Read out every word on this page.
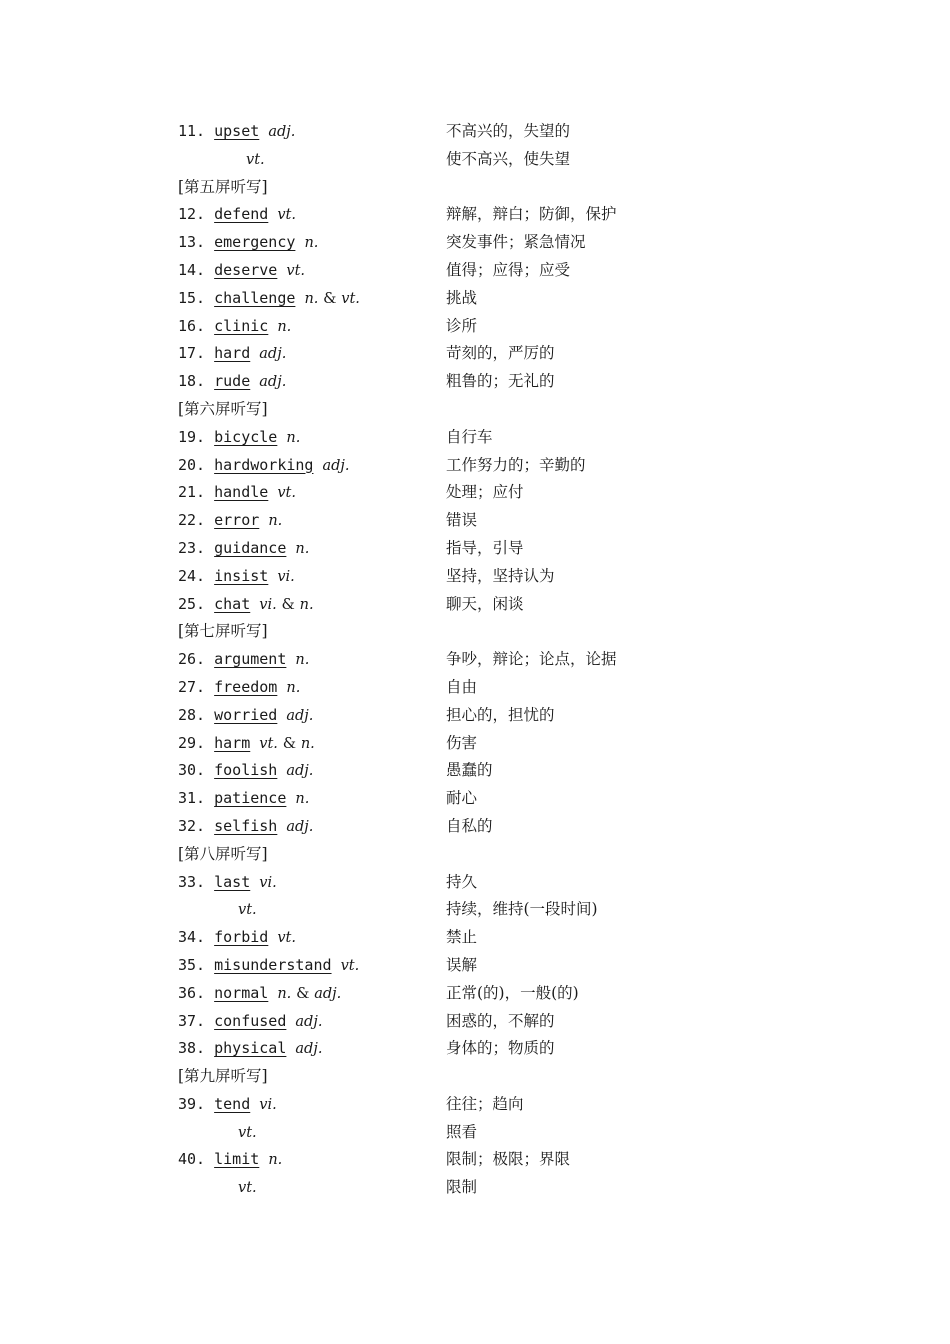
11. upset adj.	不高兴的，失望的
vt.	使不高兴，使失望
[第五屏听写]
12. defend vt.	辩解，辩白；防御，保护
13. emergency n.	突发事件；紧急情况
14. deserve vt.	值得；应得；应受
15. challenge n. & vt.	挑战
16. clinic n.	诊所
17. hard adj.	苛刻的，严厉的
18. rude adj.	粗鲁的；无礼的
[第六屏听写]
19. bicycle n.	自行车
20. hardworking adj.	工作努力的；辛勤的
21. handle vt.	处理；应付
22. error n.	错误
23. guidance n.	指导，引导
24. insist vi.	坚持，坚持认为
25. chat vi. & n.	聊天，闲谈
[第七屏听写]
26. argument n.	争吵，辩论；论点，论据
27. freedom n.	自由
28. worried adj.	担心的，担忧的
29. harm vt. & n.	伤害
30. foolish adj.	愚蠢的
31. patience n.	耐心
32. selfish adj.	自私的
[第八屏听写]
33. last vi.	持久
vt.	持续，维持(一段时间)
34. forbid vt.	禁止
35. misunderstand vt.	误解
36. normal n. & adj.	正常(的)，一般(的)
37. confused adj.	困惑的，不解的
38. physical adj.	身体的；物质的
[第九屏听写]
39. tend vi.	往往；趋向
vt.	照看
40. limit n.	限制；极限；界限
vt.	限制
